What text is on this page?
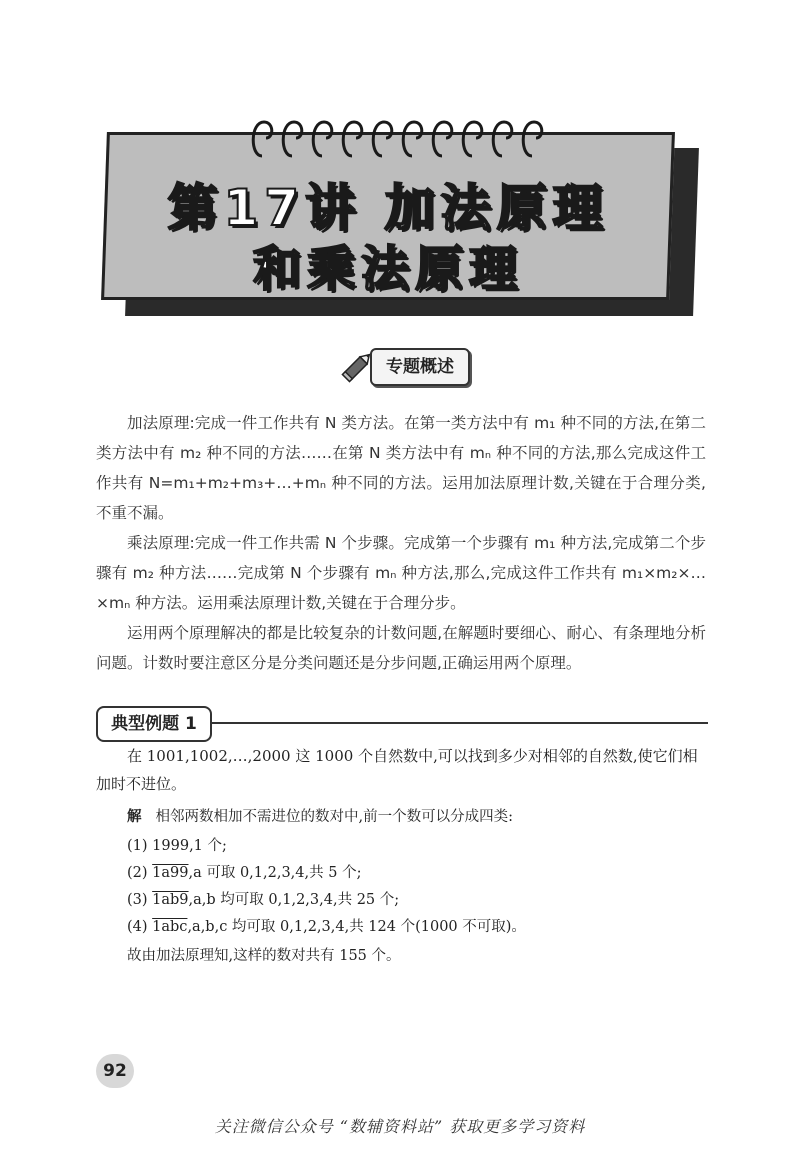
第17讲 加法原理
和乘法原理
专题概述

加法原理:完成一件工作共有 N 类方法。在第一类方法中有 m₁ 种不同的方法,在第二类方法中有 m₂ 种不同的方法……在第 N 类方法中有 mₙ 种不同的方法,那么完成这件工作共有 N=m₁+m₂+m₃+…+mₙ 种不同的方法。运用加法原理计数,关键在于合理分类,不重不漏。

乘法原理:完成一件工作共需 N 个步骤。完成第一个步骤有 m₁ 种方法,完成第二个步骤有 m₂ 种方法……完成第 N 个步骤有 mₙ 种方法,那么,完成这件工作共有 m₁×m₂×…×mₙ 种方法。运用乘法原理计数,关键在于合理分步。

运用两个原理解决的都是比较复杂的计数问题,在解题时要细心、耐心、有条理地分析问题。计数时要注意区分是分类问题还是分步问题,正确运用两个原理。

典型例题 1

在 1001,1002,…,2000 这 1000 个自然数中,可以找到多少对相邻的自然数,使它们相加时不进位。

解 相邻两数相加不需进位的数对中,前一个数可以分成四类:

(1) 1999,1 个;

(2) 1a99,a 可取 0,1,2,3,4,共 5 个;

(3) 1ab9,a,b 均可取 0,1,2,3,4,共 25 个;

(4) 1abc,a,b,c 均可取 0,1,2,3,4,共 124 个(1000 不可取)。

故由加法原理知,这样的数对共有 155 个。

92
关注微信公众号 “数辅资料站” 获取更多学习资料
